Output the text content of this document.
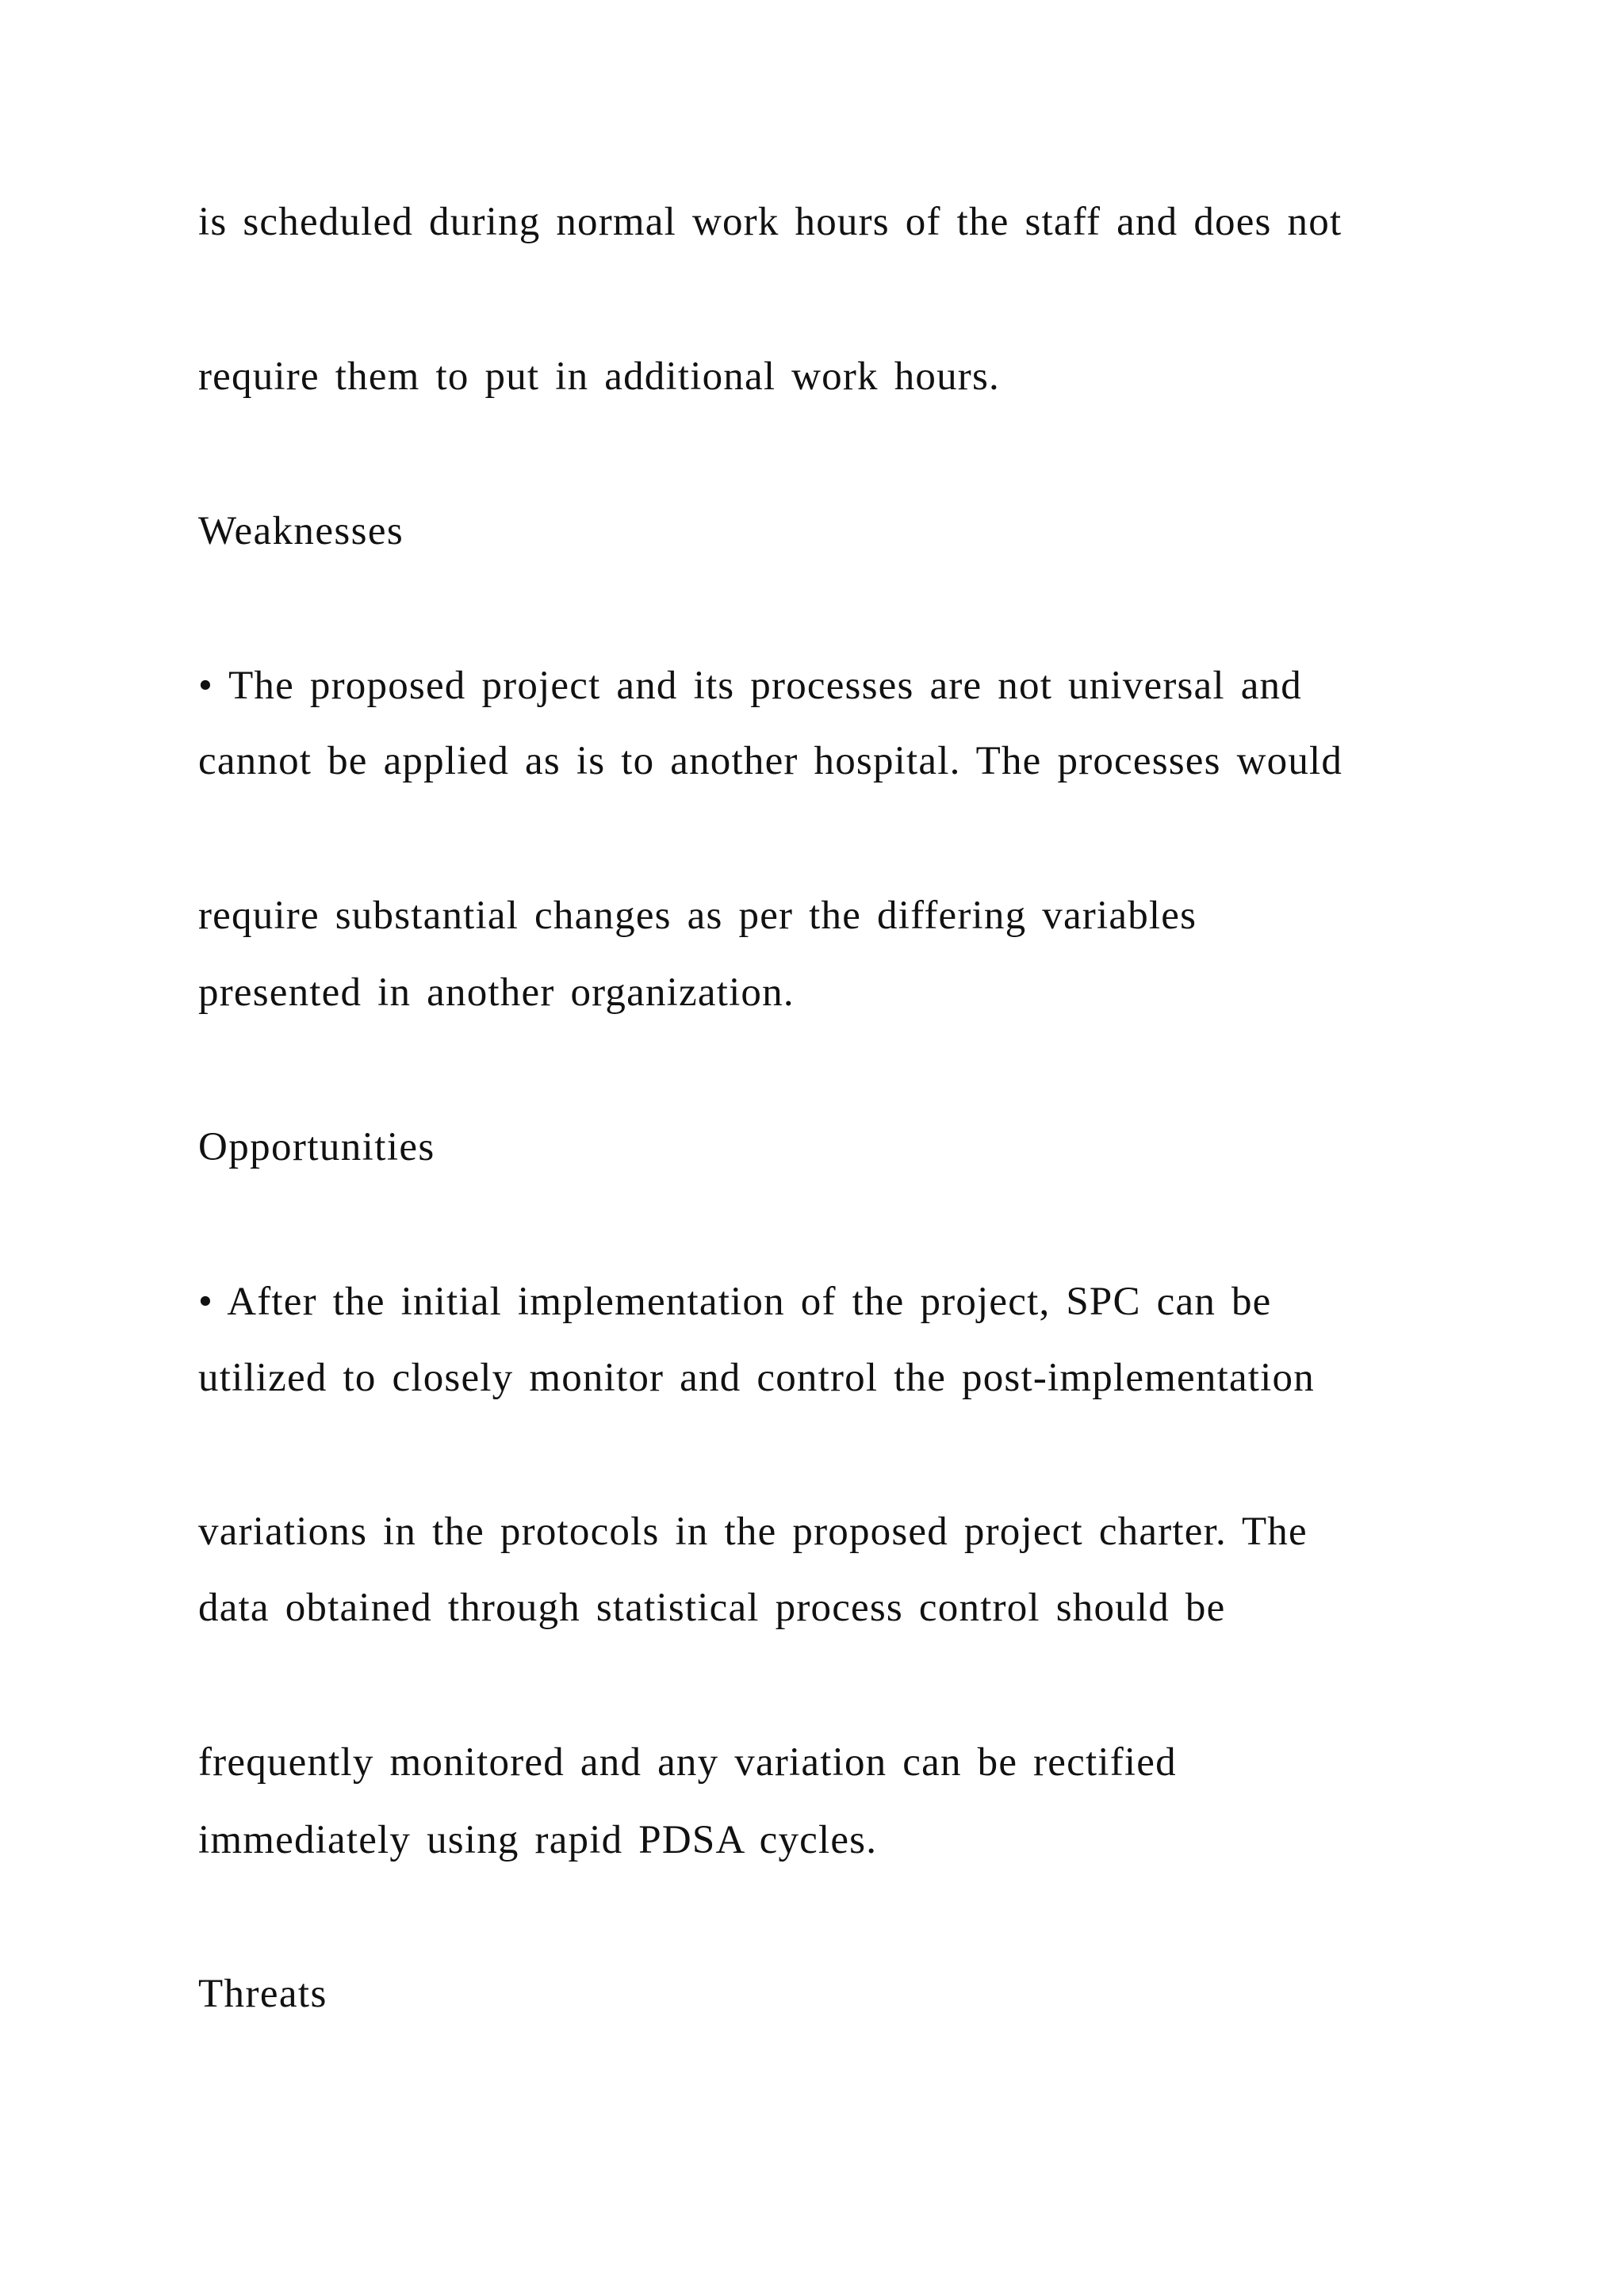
is scheduled during normal work hours of the staff and does not

require them to put in additional work hours.

Weaknesses

• The proposed project and its processes are not universal and

cannot be applied as is to another hospital. The processes would

require substantial changes as per the differing variables

presented in another organization.

Opportunities

• After the initial implementation of the project, SPC can be

utilized to closely monitor and control the post-implementation

variations in the protocols in the proposed project charter. The

data obtained through statistical process control should be

frequently monitored and any variation can be rectified

immediately using rapid PDSA cycles.

Threats
